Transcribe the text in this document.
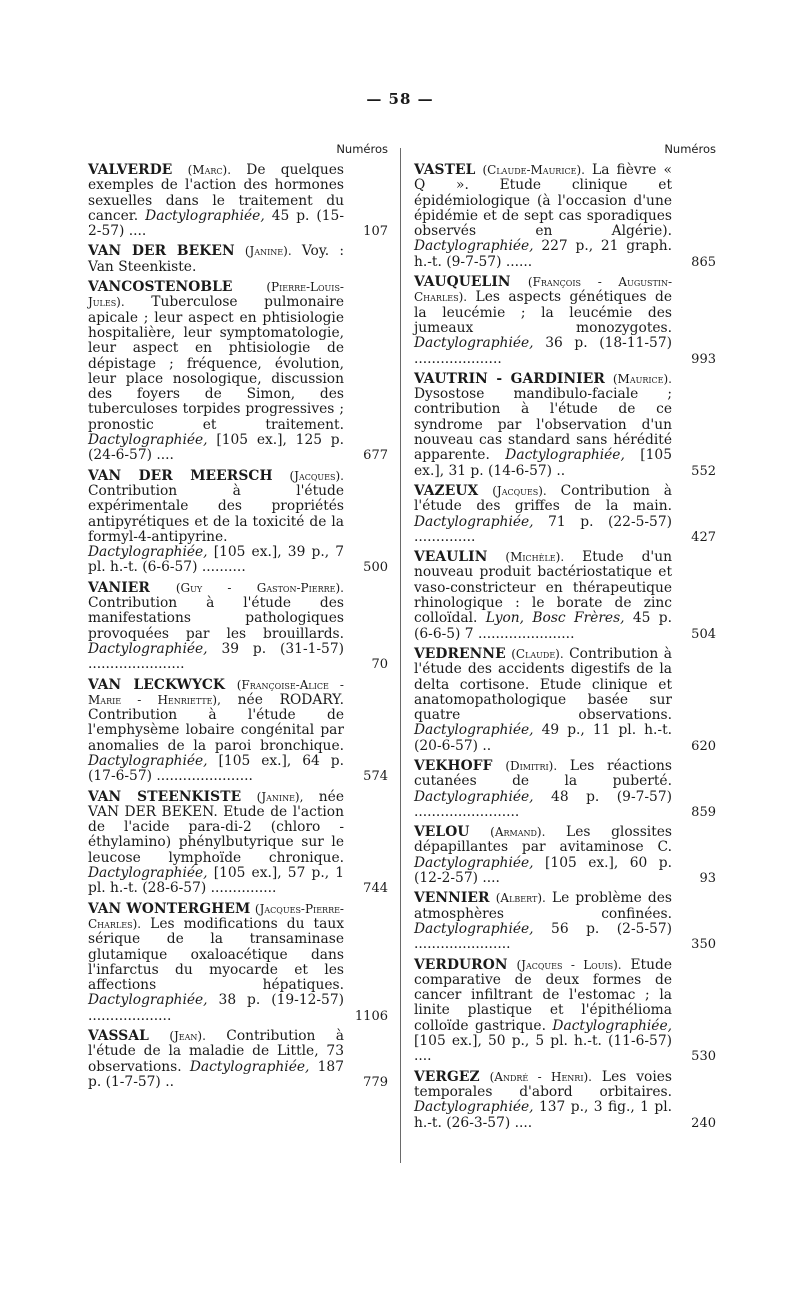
— 58 —
Numéros
VALVERDE (Marc). De quelques exemples de l'action des hormones sexuelles dans le traitement du cancer. Dactylographiée, 45 p. (15-2-57) ....	107
VAN DER BEKEN (Janine). Voy. : Van Steenkiste.
VANCOSTENOBLE	(Pierre-Louis-Jules). Tuberculose pulmonaire apicale ; leur aspect en phtisiologie hospitalière, leur symptomatologie, leur aspect en phtisiologie de dépistage ; fréquence, évolution, leur place nosologique, discussion des foyers de Simon, des tuberculoses torpides progressives ; pronostic et traitement. Dactylographiée, [105 ex.], 125 p. (24-6-57) ....	677
VAN DER MEERSCH (Jacques). Contribution à l'étude expérimentale des propriétés antipyrétiques et de la toxicité de la formyl-4-antipyrine. Dactylographiée, [105 ex.], 39 p., 7 pl. h.-t. (6-6-57) ..........	500
VANIER (Guy - Gaston-Pierre). Contribution à l'étude des manifestations pathologiques provoquées par les brouillards. Dactylographiée, 39 p. (31-1-57) ......................	70
VAN LECKWYCK (Françoise-Alice - Marie - Henriette), née RODARY. Contribution à l'étude de l'emphysème lobaire congénital par anomalies de la paroi bronchique. Dactylographiée, [105 ex.], 64 p. (17-6-57) ......................	574
VAN STEENKISTE (Janine), née VAN DER BEKEN. Etude de l'action de l'acide para-di-2 (chloro - éthylamino) phénylbutyrique sur le leucose lymphoïde chronique. Dactylographiée, [105 ex.], 57 p., 1 pl. h.-t. (28-6-57) ...............	744
VAN WONTERGHEM (Jacques-Pierre-Charles). Les modifications du taux sérique de la transaminase glutamique oxaloacétique dans l'infarctus du myocarde et les affections hépatiques. Dactylographiée, 38 p. (19-12-57) ...................	1106
VASSAL (Jean). Contribution à l'étude de la maladie de Little, 73 observations. Dactylographiée, 187 p. (1-7-57) ..	779
Numéros
VASTEL (Claude-Maurice). La fièvre « Q ». Etude clinique et épidémiologique (à l'occasion d'une épidémie et de sept cas sporadiques observés en Algérie). Dactylographiée, 227 p., 21 graph. h.-t. (9-7-57) ......	865
VAUQUELIN (François - Augustin-Charles). Les aspects génétiques de la leucémie ; la leucémie des jumeaux monozygotes. Dactylographiée, 36 p. (18-11-57) ....................	993
VAUTRIN - GARDINIER (Maurice). Dysostose mandibulo-faciale ; contribution à l'étude de ce syndrome par l'observation d'un nouveau cas standard sans hérédité apparente. Dactylographiée, [105 ex.], 31 p. (14-6-57) ..	552
VAZEUX (Jacques). Contribution à l'étude des griffes de la main. Dactylographiée, 71 p. (22-5-57) ..............	427
VEAULIN (Michèle). Etude d'un nouveau produit bactériostatique et vaso-constricteur en thérapeutique rhinologique : le borate de zinc colloïdal. Lyon, Bosc Frères, 45 p. (6-6-5) 7 ......................	504
VEDRENNE (Claude). Contribution à l'étude des accidents digestifs de la delta cortisone. Etude clinique et anatomopathologique basée sur quatre observations. Dactylographiée, 49 p., 11 pl. h.-t. (20-6-57) ..	620
VEKHOFF (Dimitri). Les réactions cutanées de la puberté. Dactylographiée, 48 p. (9-7-57) ........................	859
VELOU (Armand). Les glossites dépapillantes par avitaminose C. Dactylographiée, [105 ex.], 60 p. (12-2-57) ....	93
VENNIER (Albert). Le problème des atmosphères confinées. Dactylographiée, 56 p. (2-5-57) ......................	350
VERDURON (Jacques - Louis). Etude comparative de deux formes de cancer infiltrant de l'estomac ; la linite plastique et l'épithélioma colloïde gastrique. Dactylographiée, [105 ex.], 50 p., 5 pl. h.-t. (11-6-57) ....	530
VERGEZ (André - Henri). Les voies temporales d'abord orbitaires. Dactylographiée, 137 p., 3 fig., 1 pl. h.-t. (26-3-57) ....	240
